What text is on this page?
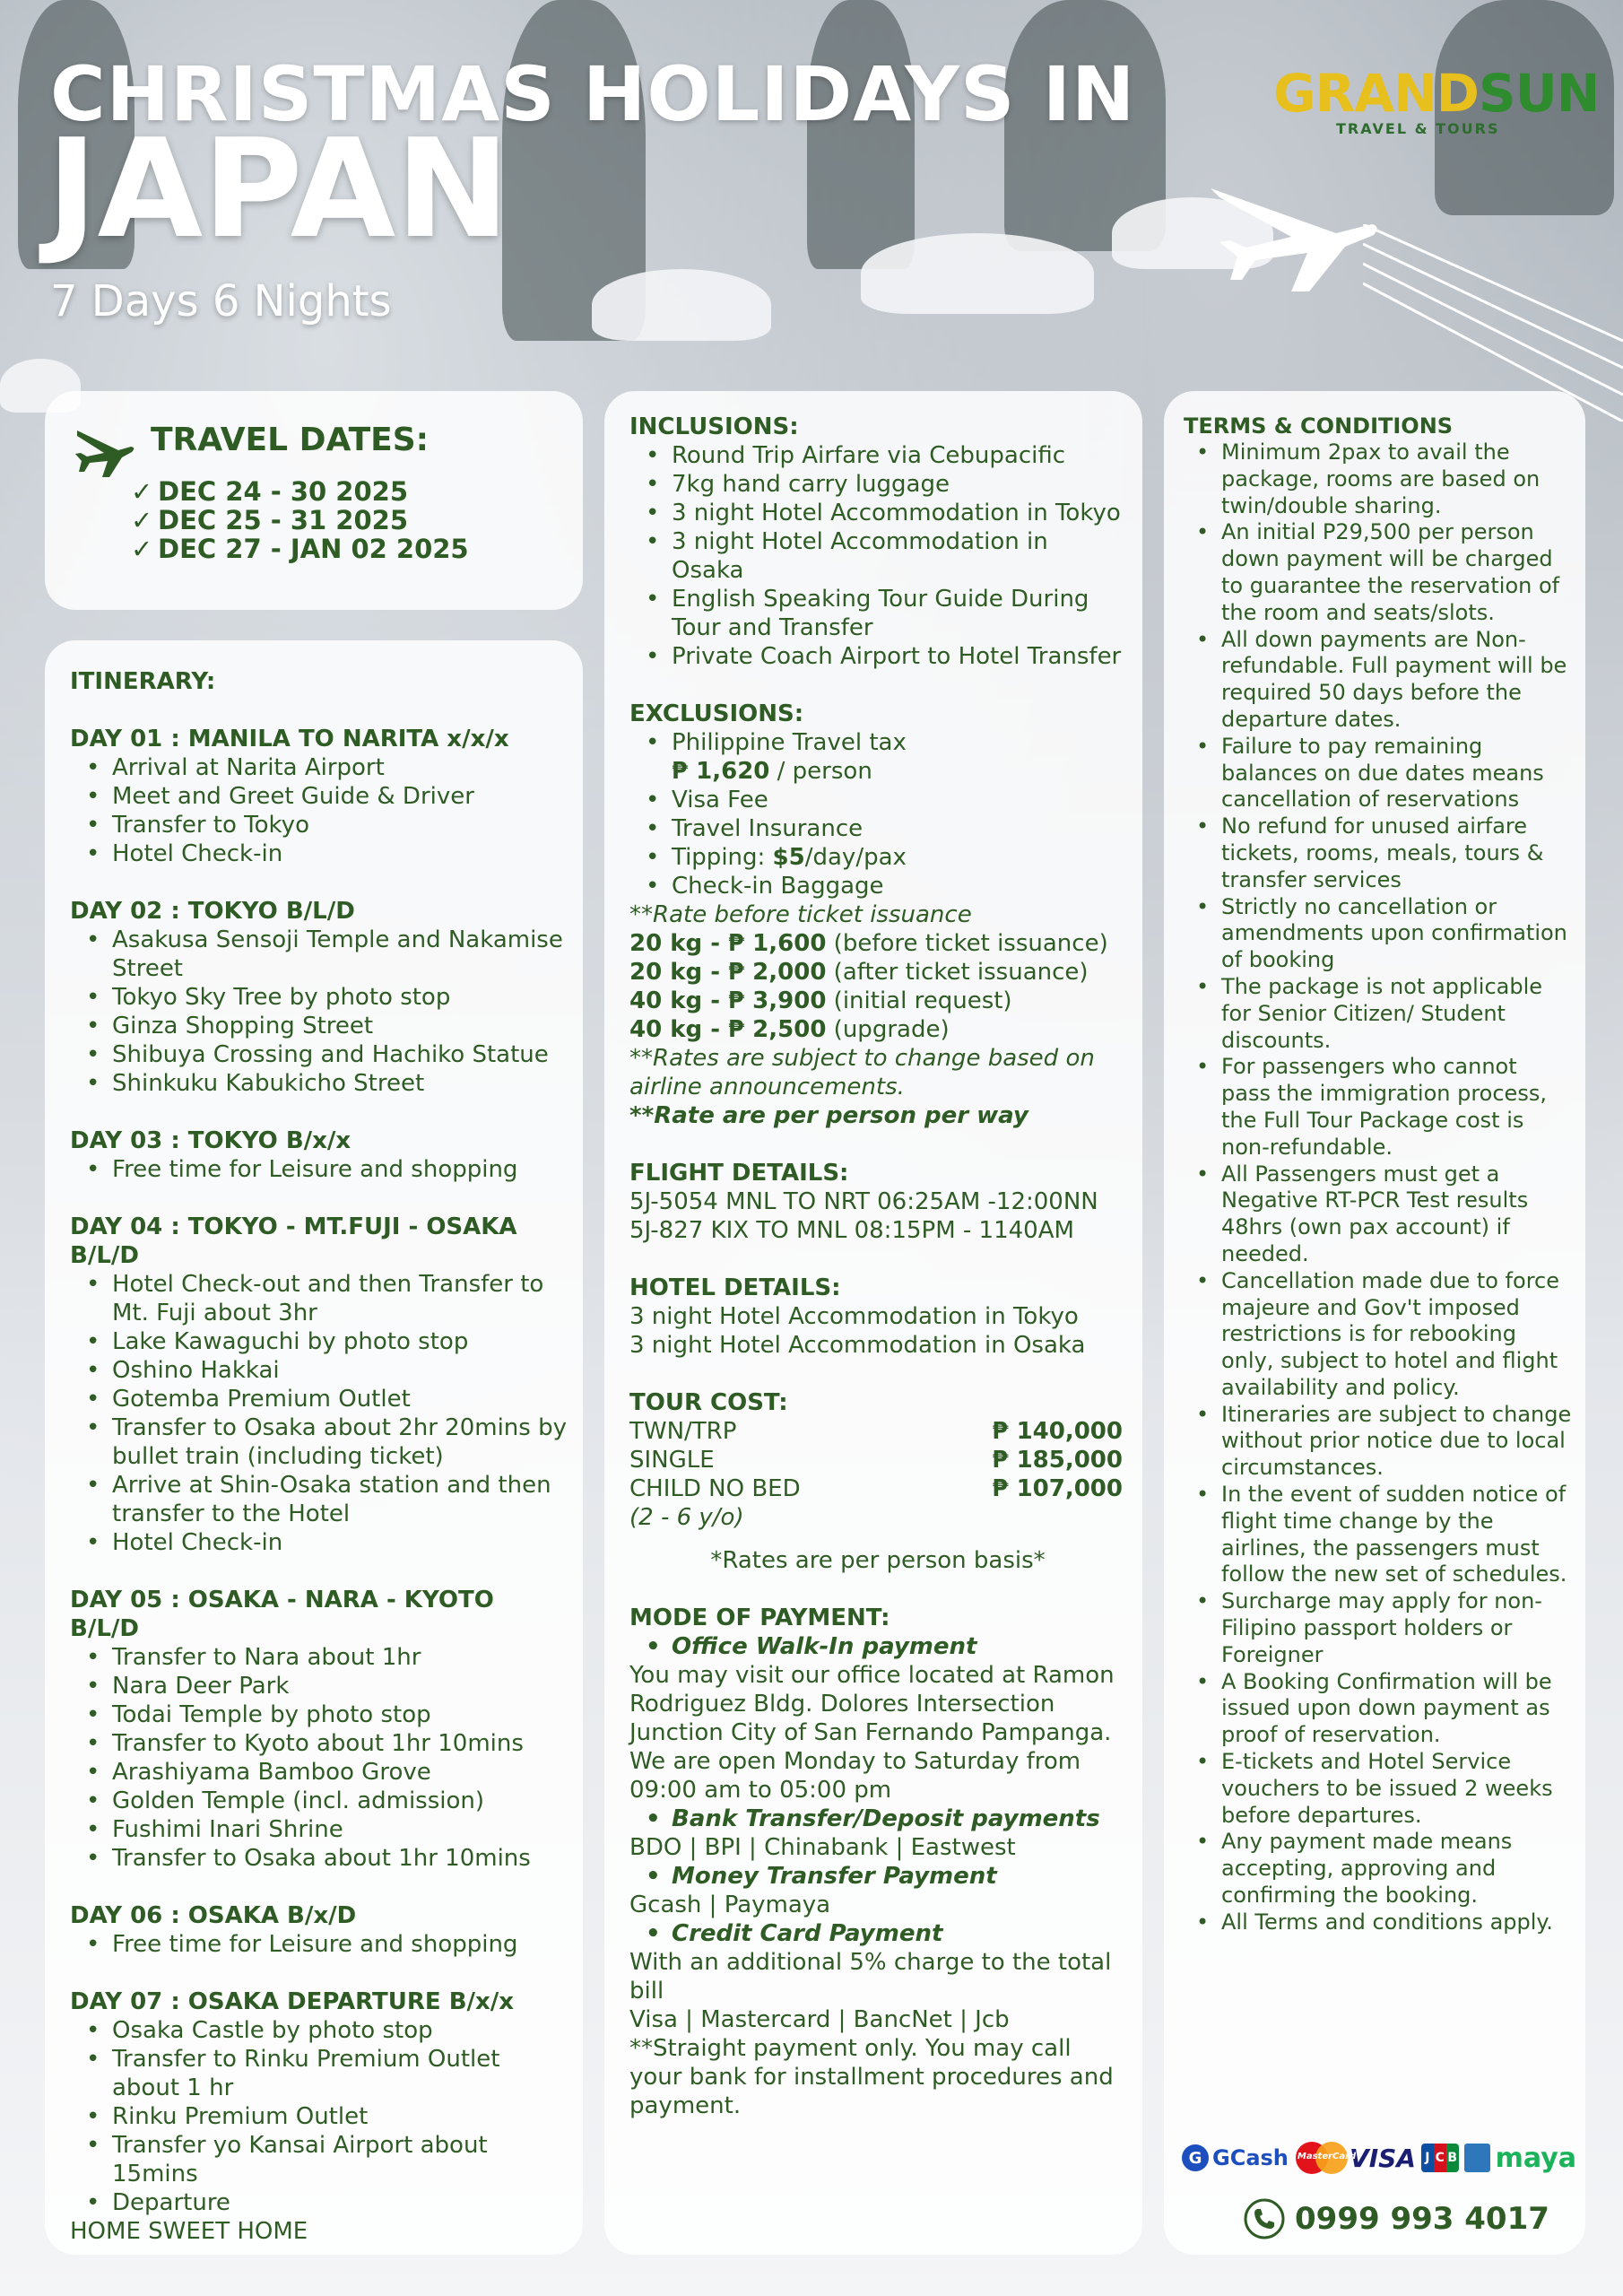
CHRISTMAS HOLIDAYS IN
JAPAN
7 Days 6 Nights
GRANDSUN
TRAVEL & TOURS
TRAVEL DATES:
✓ DEC 24 - 30 2025
✓ DEC 25 - 31 2025
✓ DEC 27 - JAN 02 2025
ITINERARY:
DAY 01 : MANILA TO NARITA x/x/x
• Arrival at Narita Airport
• Meet and Greet Guide & Driver
• Transfer to Tokyo
• Hotel Check-in
DAY 02 : TOKYO B/L/D
• Asakusa Sensoji Temple and Nakamise Street
• Tokyo Sky Tree by photo stop
• Ginza Shopping Street
• Shibuya Crossing and Hachiko Statue
• Shinkuku Kabukicho Street
DAY 03 : TOKYO B/x/x
• Free time for Leisure and shopping
DAY 04 : TOKYO - MT.FUJI - OSAKA B/L/D
• Hotel Check-out and then Transfer to Mt. Fuji about 3hr
• Lake Kawaguchi by photo stop
• Oshino Hakkai
• Gotemba Premium Outlet
• Transfer to Osaka about 2hr 20mins by bullet train (including ticket)
• Arrive at Shin-Osaka station and then transfer to the Hotel
• Hotel Check-in
DAY 05 : OSAKA - NARA - KYOTO B/L/D
• Transfer to Nara about 1hr
• Nara Deer Park
• Todai Temple by photo stop
• Transfer to Kyoto about 1hr 10mins
• Arashiyama Bamboo Grove
• Golden Temple (incl. admission)
• Fushimi Inari Shrine
• Transfer to Osaka about 1hr 10mins
DAY 06 : OSAKA B/x/D
• Free time for Leisure and shopping
DAY 07 : OSAKA DEPARTURE B/x/x
• Osaka Castle by photo stop
• Transfer to Rinku Premium Outlet about 1 hr
• Rinku Premium Outlet
• Transfer yo Kansai Airport about 15mins
• Departure
HOME SWEET HOME
INCLUSIONS:
• Round Trip Airfare via Cebupacific
• 7kg hand carry luggage
• 3 night Hotel Accommodation in Tokyo
• 3 night Hotel Accommodation in Osaka
• English Speaking Tour Guide During Tour and Transfer
• Private Coach Airport to Hotel Transfer
EXCLUSIONS:
• Philippine Travel tax
₱ 1,620 / person
• Visa Fee
• Travel Insurance
• Tipping: $5/day/pax
• Check-in Baggage
**Rate before ticket issuance
20 kg - ₱ 1,600 (before ticket issuance)
20 kg - ₱ 2,000 (after ticket issuance)
40 kg - ₱ 3,900 (initial request)
40 kg - ₱ 2,500 (upgrade)
**Rates are subject to change based on airline announcements.
**Rate are per person per way
FLIGHT DETAILS:
5J-5054 MNL TO NRT 06:25AM -12:00NN
5J-827 KIX TO MNL 08:15PM - 1140AM
HOTEL DETAILS:
3 night Hotel Accommodation in Tokyo
3 night Hotel Accommodation in Osaka
TOUR COST:
TWN/TRP	₱ 140,000
SINGLE	₱ 185,000
CHILD NO BED	₱ 107,000
(2 - 6 y/o)
*Rates are per person basis*
MODE OF PAYMENT:
• Office Walk-In payment
You may visit our office located at Ramon Rodriguez Bldg. Dolores Intersection Junction City of San Fernando Pampanga. We are open Monday to Saturday from 09:00 am to 05:00 pm
• Bank Transfer/Deposit payments
BDO | BPI | Chinabank | Eastwest
• Money Transfer Payment
Gcash | Paymaya
• Credit Card Payment
With an additional 5% charge to the total bill
Visa | Mastercard | BancNet | Jcb
**Straight payment only. You may call your bank for installment procedures and payment.
TERMS & CONDITIONS
• Minimum 2pax to avail the package, rooms are based on twin/double sharing.
• An initial P29,500 per person down payment will be charged to guarantee the reservation of the room and seats/slots.
• All down payments are Non-refundable. Full payment will be required 50 days before the departure dates.
• Failure to pay remaining balances on due dates means cancellation of reservations
• No refund for unused airfare tickets, rooms, meals, tours & transfer services
• Strictly no cancellation or amendments upon confirmation of booking
• The package is not applicable for Senior Citizen/ Student discounts.
• For passengers who cannot pass the immigration process, the Full Tour Package cost is non-refundable.
• All Passengers must get a Negative RT-PCR Test results 48hrs (own pax account) if needed.
• Cancellation made due to force majeure and Gov't imposed restrictions is for rebooking only, subject to hotel and flight availability and policy.
• Itineraries are subject to change without prior notice due to local circumstances.
• In the event of sudden notice of flight time change by the airlines, the passengers must follow the new set of schedules.
• Surcharge may apply for non-Filipino passport holders or Foreigner
• A Booking Confirmation will be issued upon down payment as proof of reservation.
• E-tickets and Hotel Service vouchers to be issued 2 weeks before departures.
• Any payment made means accepting, approving and confirming the booking.
• All Terms and conditions apply.
G GCash MasterCard
VISA J C B maya
0999 993 4017
